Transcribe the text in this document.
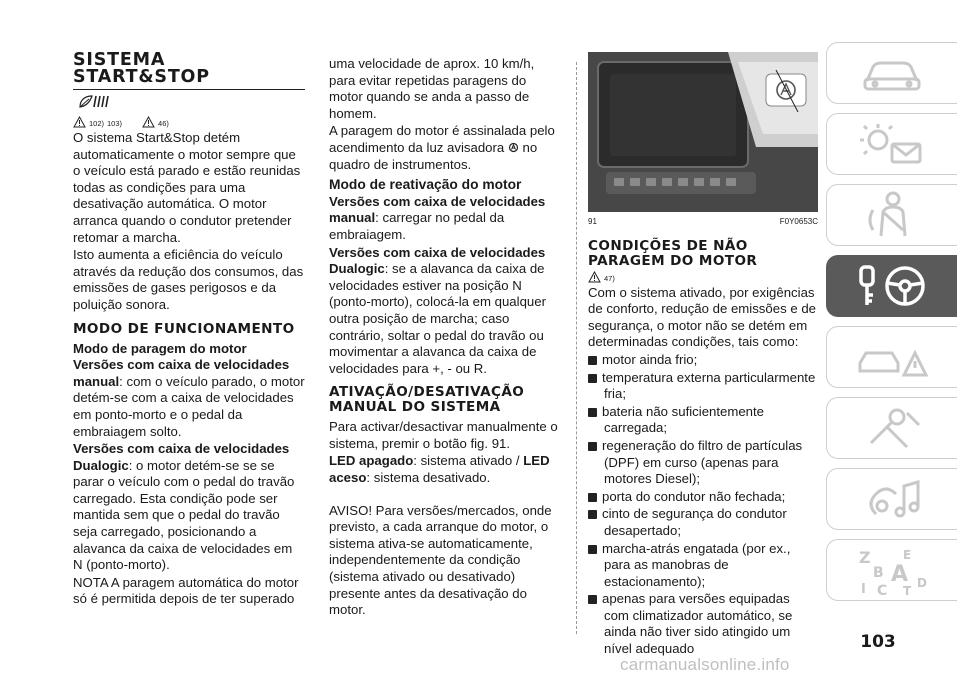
SISTEMA
START&STOP
102) 103)	46)

O sistema Start&Stop detém automaticamente o motor sempre que o veículo está parado e estão reunidas todas as condições para uma desativação automática. O motor arranca quando o condutor pretender retomar a marcha.

Isto aumenta a eficiência do veículo através da redução dos consumos, das emissões de gases perigosos e da poluição sonora.

MODO DE FUNCIONAMENTO
Modo de paragem do motor

Versões com caixa de velocidades manual: com o veículo parado, o motor detém-se com a caixa de velocidades em ponto-morto e o pedal da embraiagem solto.

Versões com caixa de velocidades Dualogic: o motor detém-se se se parar o veículo com o pedal do travão carregado. Esta condição pode ser mantida sem que o pedal do travão seja carregado, posicionando a alavanca da caixa de velocidades em N (ponto-morto).

NOTA A paragem automática do motor só é permitida depois de ter superado

uma velocidade de aprox. 10 km/h, para evitar repetidas paragens do motor quando se anda a passo de homem.

A paragem do motor é assinalada pelo acendimento da luz avisadora  no quadro de instrumentos.

Modo de reativação do motor

Versões com caixa de velocidades manual: carregar no pedal da embraiagem.

Versões com caixa de velocidades Dualogic: se a alavanca da caixa de velocidades estiver na posição N (ponto-morto), colocá-la em qualquer outra posição de marcha; caso contrário, soltar o pedal do travão ou movimentar a alavanca da caixa de velocidades para +, - ou R.

ATIVAÇÃO/DESATIVAÇÃO MANUAL DO SISTEMA

Para activar/desactivar manualmente o sistema, premir o botão fig. 91.

LED apagado: sistema ativado / LED aceso: sistema desativado.

AVISO! Para versões/mercados, onde previsto, a cada arranque do motor, o sistema ativa-se automaticamente, independentemente da condição (sistema ativado ou desativado) presente antes da desativação do motor.

91	F0Y0653C
CONDIÇÕES DE NÃO PARAGEM DO MOTOR
47)

Com o sistema ativado, por exigências de conforto, redução de emissões e de segurança, o motor não se detém em determinadas condições, tais como:

motor ainda frio;

temperatura externa particularmente fria;

bateria não suficientemente carregada;

regeneração do filtro de partículas (DPF) em curso (apenas para motores Diesel);

porta do condutor não fechada;

cinto de segurança do condutor desapertado;

marcha-atrás engatada (por ex., para as manobras de estacionamento);

apenas para versões equipadas com climatizador automático, se ainda não tiver sido atingido um nível adequado

Z	E
B A
I C D
T
103
carmanualsonline.info
